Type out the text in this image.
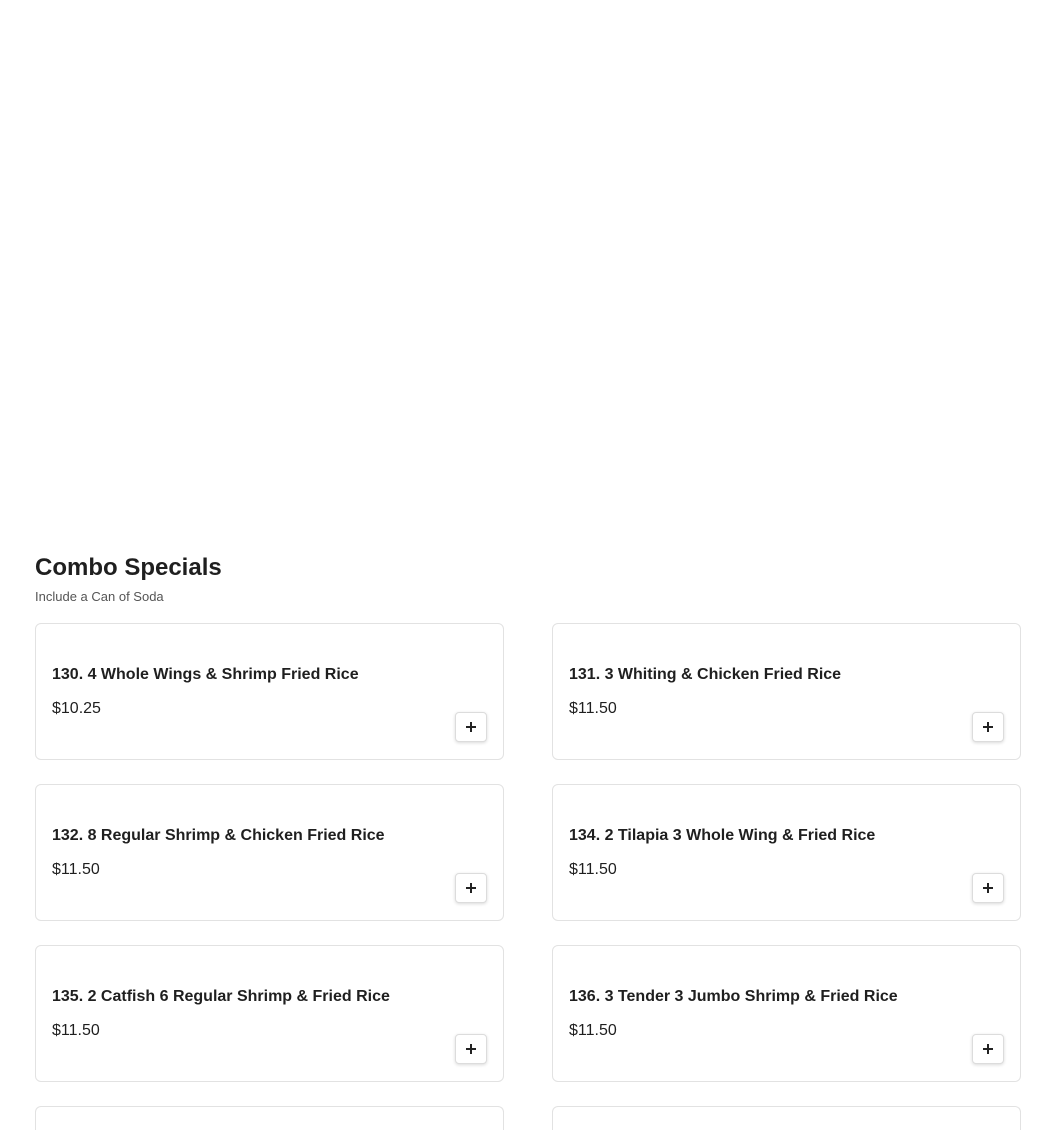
Combo Specials
Include a Can of Soda
130. 4 Whole Wings & Shrimp Fried Rice
$10.25
131. 3 Whiting & Chicken Fried Rice
$11.50
132. 8 Regular Shrimp & Chicken Fried Rice
$11.50
134. 2 Tilapia 3 Whole Wing & Fried Rice
$11.50
135. 2 Catfish 6 Regular Shrimp & Fried Rice
$11.50
136. 3 Tender 3 Jumbo Shrimp & Fried Rice
$11.50
